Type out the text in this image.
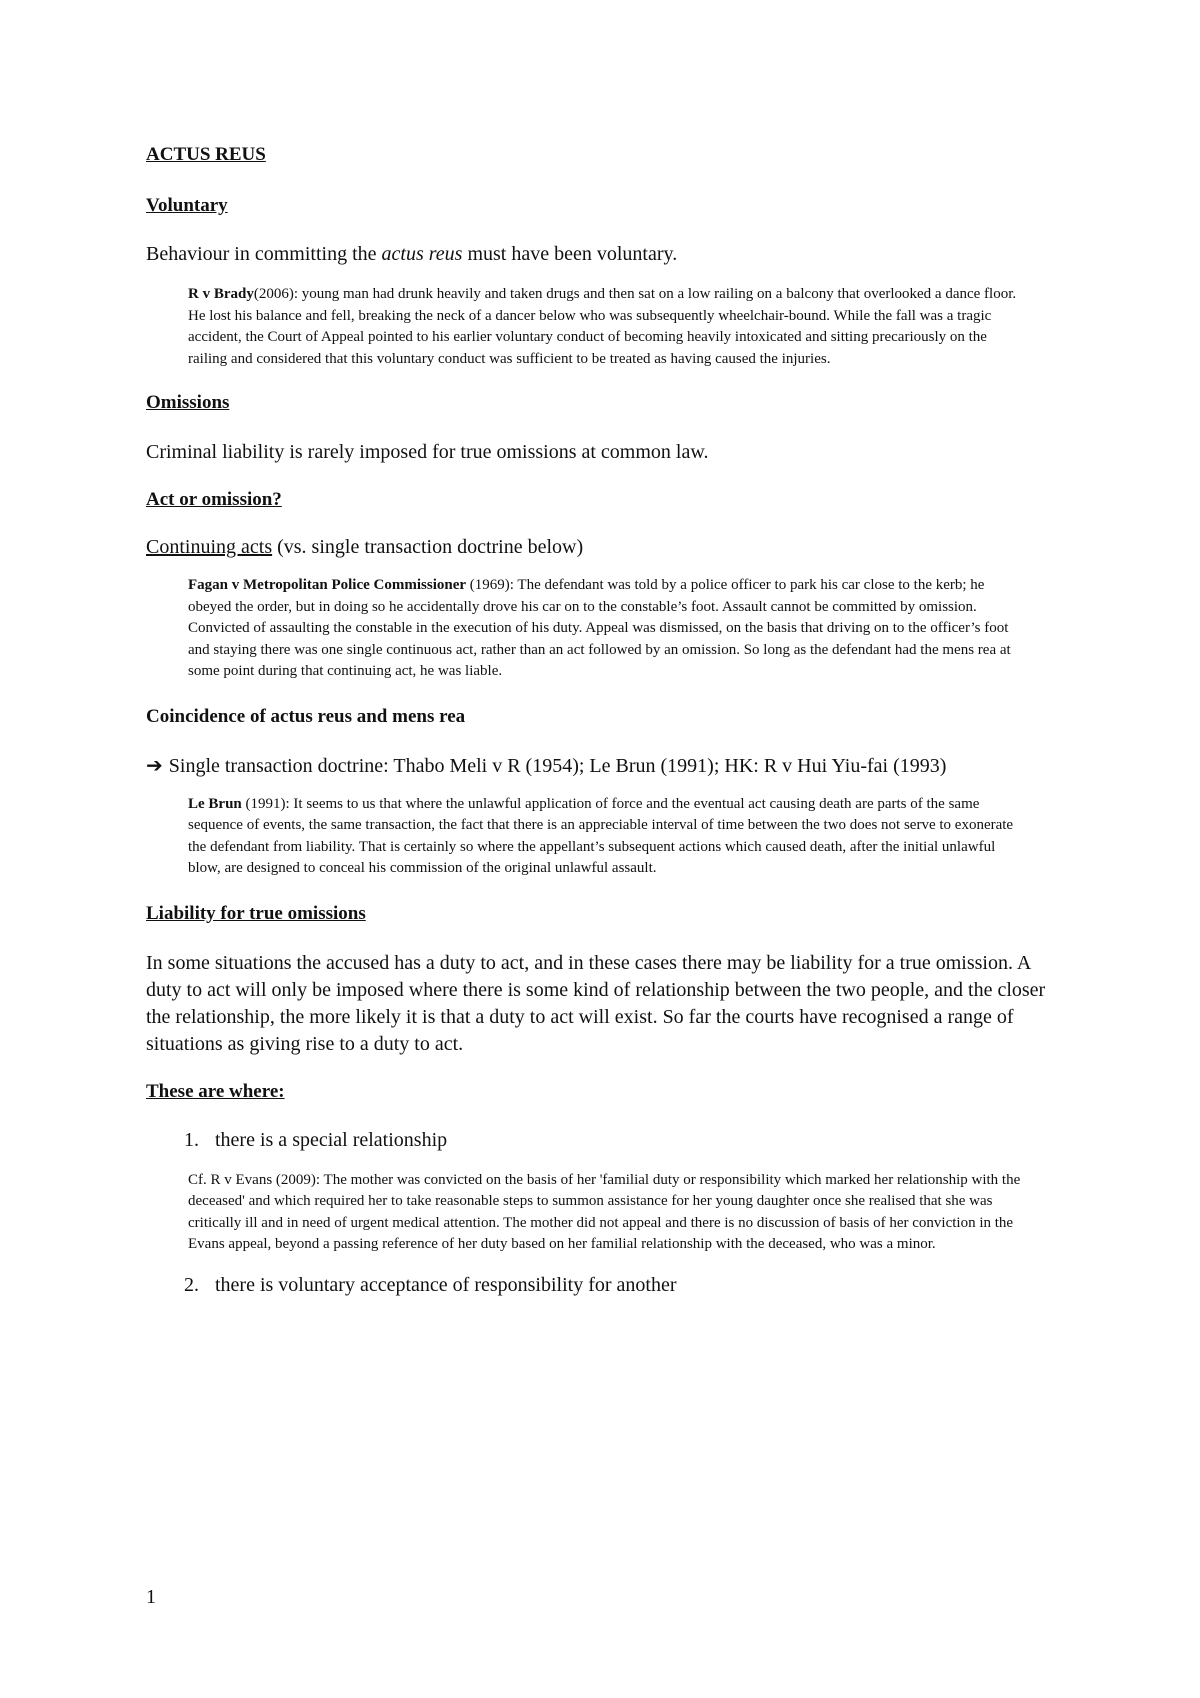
ACTUS REUS

Voluntary

Behaviour in committing the actus reus must have been voluntary.

R v Brady(2006): young man had drunk heavily and taken drugs and then sat on a low railing on a balcony that overlooked a dance floor. He lost his balance and fell, breaking the neck of a dancer below who was subsequently wheelchair-bound. While the fall was a tragic accident, the Court of Appeal pointed to his earlier voluntary conduct of becoming heavily intoxicated and sitting precariously on the railing and considered that this voluntary conduct was sufficient to be treated as having caused the injuries.

Omissions

Criminal liability is rarely imposed for true omissions at common law.

Act or omission?

Continuing acts (vs. single transaction doctrine below)

Fagan v Metropolitan Police Commissioner (1969): The defendant was told by a police officer to park his car close to the kerb; he obeyed the order, but in doing so he accidentally drove his car on to the constable’s foot. Assault cannot be committed by omission. Convicted of assaulting the constable in the execution of his duty. Appeal was dismissed, on the basis that driving on to the officer’s foot and staying there was one single continuous act, rather than an act followed by an omission. So long as the defendant had the mens rea at some point during that continuing act, he was liable.

Coincidence of actus reus and mens rea

➔ Single transaction doctrine: Thabo Meli v R (1954); Le Brun (1991); HK: R v Hui Yiu-fai (1993)

Le Brun (1991): It seems to us that where the unlawful application of force and the eventual act causing death are parts of the same sequence of events, the same transaction, the fact that there is an appreciable interval of time between the two does not serve to exonerate the defendant from liability. That is certainly so where the appellant’s subsequent actions which caused death, after the initial unlawful blow, are designed to conceal his commission of the original unlawful assault.

Liability for true omissions

In some situations the accused has a duty to act, and in these cases there may be liability for a true omission. A duty to act will only be imposed where there is some kind of relationship between the two people, and the closer the relationship, the more likely it is that a duty to act will exist. So far the courts have recognised a range of situations as giving rise to a duty to act.

These are where:

1. there is a special relationship

Cf. R v Evans (2009): The mother was convicted on the basis of her 'familial duty or responsibility which marked her relationship with the deceased' and which required her to take reasonable steps to summon assistance for her young daughter once she realised that she was critically ill and in need of urgent medical attention. The mother did not appeal and there is no discussion of basis of her conviction in the Evans appeal, beyond a passing reference of her duty based on her familial relationship with the deceased, who was a minor.

2. there is voluntary acceptance of responsibility for another
1
